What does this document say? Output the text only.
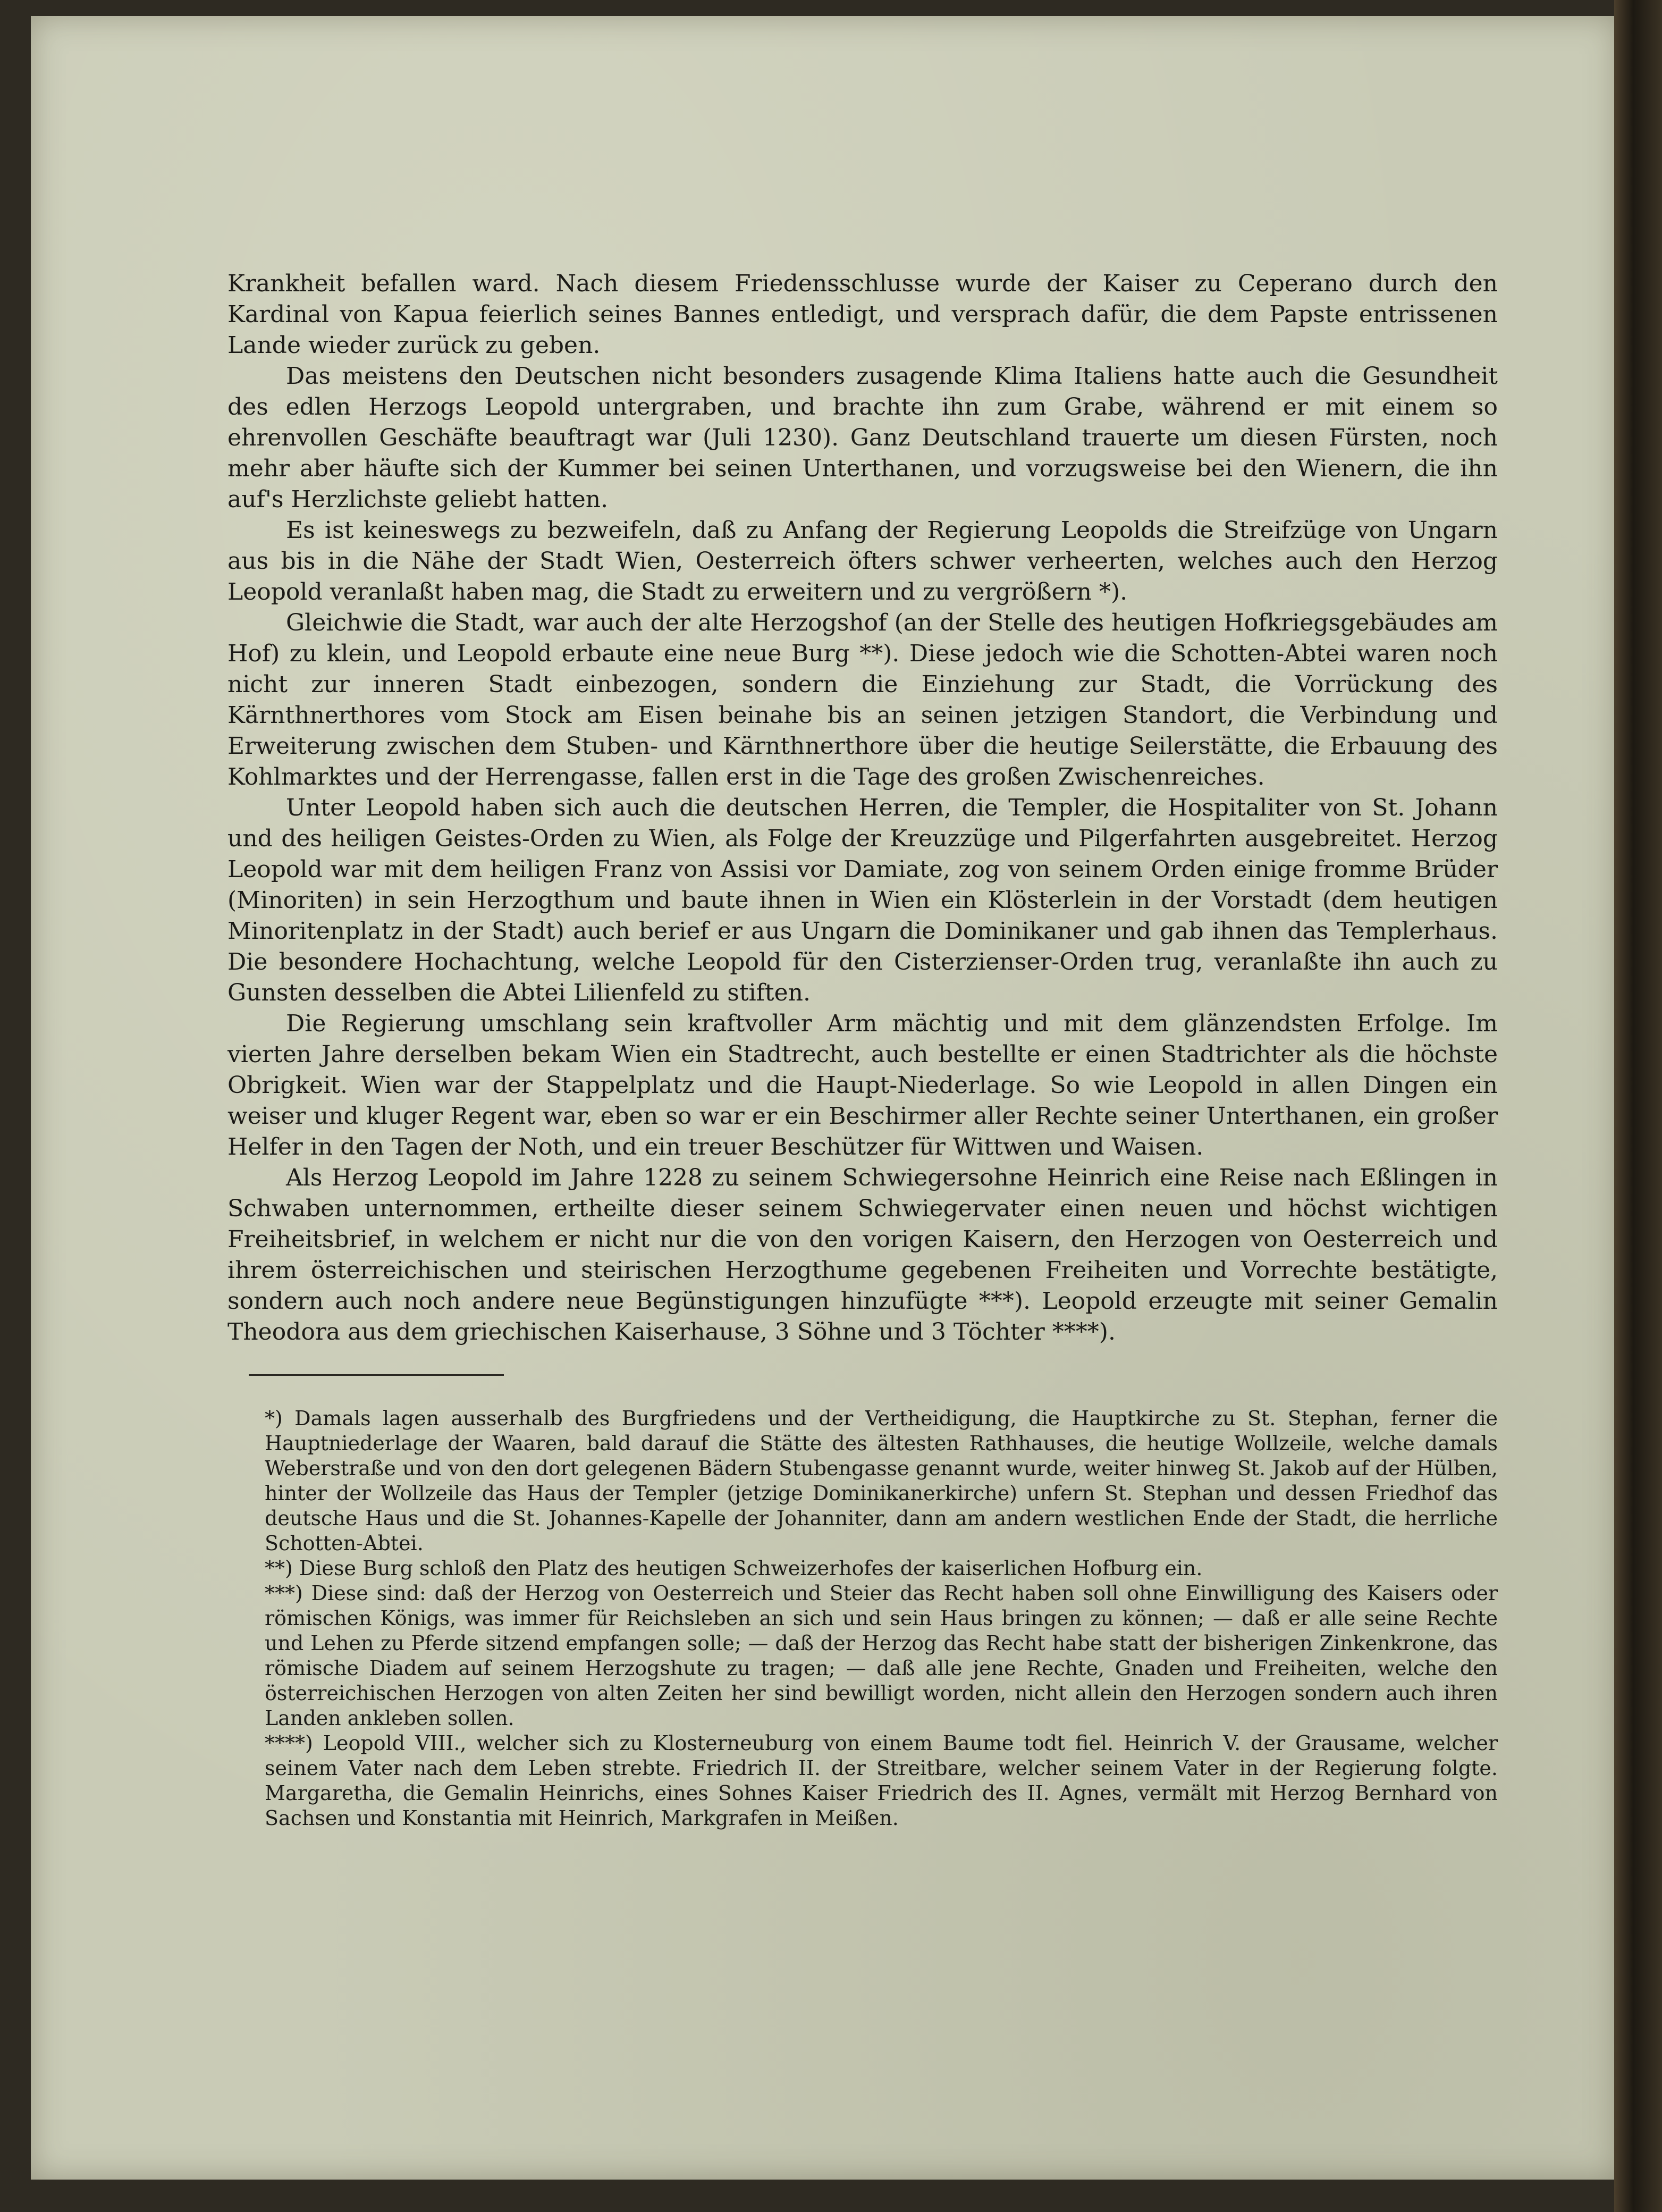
Krankheit befallen ward. Nach diesem Friedensschlusse wurde der Kaiser zu Ceperano durch den Kardinal von Kapua feierlich seines Bannes entledigt, und versprach dafür, die dem Papste entrissenen Lande wieder zurück zu geben.

Das meistens den Deutschen nicht besonders zusagende Klima Italiens hatte auch die Gesundheit des edlen Herzogs Leopold untergraben, und brachte ihn zum Grabe, während er mit einem so ehrenvollen Geschäfte beauftragt war (Juli 1230). Ganz Deutschland trauerte um diesen Fürsten, noch mehr aber häufte sich der Kummer bei seinen Unterthanen, und vorzugsweise bei den Wienern, die ihn auf's Herzlichste geliebt hatten.

Es ist keineswegs zu bezweifeln, daß zu Anfang der Regierung Leopolds die Streifzüge von Ungarn aus bis in die Nähe der Stadt Wien, Oesterreich öfters schwer verheerten, welches auch den Herzog Leopold veranlaßt haben mag, die Stadt zu erweitern und zu vergrößern *).

Gleichwie die Stadt, war auch der alte Herzogshof (an der Stelle des heutigen Hofkriegsgebäudes am Hof) zu klein, und Leopold erbaute eine neue Burg **). Diese jedoch wie die Schotten-Abtei waren noch nicht zur inneren Stadt einbezogen, sondern die Einziehung zur Stadt, die Vorrückung des Kärnthnerthores vom Stock am Eisen beinahe bis an seinen jetzigen Standort, die Verbindung und Erweiterung zwischen dem Stuben- und Kärnthnerthore über die heutige Seilerstätte, die Erbauung des Kohlmarktes und der Herrengasse, fallen erst in die Tage des großen Zwischenreiches.

Unter Leopold haben sich auch die deutschen Herren, die Templer, die Hospitaliter von St. Johann und des heiligen Geistes-Orden zu Wien, als Folge der Kreuzzüge und Pilgerfahrten ausgebreitet. Herzog Leopold war mit dem heiligen Franz von Assisi vor Damiate, zog von seinem Orden einige fromme Brüder (Minoriten) in sein Herzogthum und baute ihnen in Wien ein Klösterlein in der Vorstadt (dem heutigen Minoritenplatz in der Stadt) auch berief er aus Ungarn die Dominikaner und gab ihnen das Templerhaus. Die besondere Hochachtung, welche Leopold für den Cisterzienser-Orden trug, veranlaßte ihn auch zu Gunsten desselben die Abtei Lilienfeld zu stiften.

Die Regierung umschlang sein kraftvoller Arm mächtig und mit dem glänzendsten Erfolge. Im vierten Jahre derselben bekam Wien ein Stadtrecht, auch bestellte er einen Stadtrichter als die höchste Obrigkeit. Wien war der Stappelplatz und die Haupt-Niederlage. So wie Leopold in allen Dingen ein weiser und kluger Regent war, eben so war er ein Beschirmer aller Rechte seiner Unterthanen, ein großer Helfer in den Tagen der Noth, und ein treuer Beschützer für Wittwen und Waisen.

Als Herzog Leopold im Jahre 1228 zu seinem Schwiegersohne Heinrich eine Reise nach Eßlingen in Schwaben unternommen, ertheilte dieser seinem Schwiegervater einen neuen und höchst wichtigen Freiheitsbrief, in welchem er nicht nur die von den vorigen Kaisern, den Herzogen von Oesterreich und ihrem österreichischen und steirischen Herzogthume gegebenen Freiheiten und Vorrechte bestätigte, sondern auch noch andere neue Begünstigungen hinzufügte ***). Leopold erzeugte mit seiner Gemalin Theodora aus dem griechischen Kaiserhause, 3 Söhne und 3 Töchter ****).

*) Damals lagen ausserhalb des Burgfriedens und der Vertheidigung, die Hauptkirche zu St. Stephan, ferner die Hauptniederlage der Waaren, bald darauf die Stätte des ältesten Rathhauses, die heutige Wollzeile, welche damals Weberstraße und von den dort gelegenen Bädern Stubengasse genannt wurde, weiter hinweg St. Jakob auf der Hülben, hinter der Wollzeile das Haus der Templer (jetzige Dominikanerkirche) unfern St. Stephan und dessen Friedhof das deutsche Haus und die St. Johannes-Kapelle der Johanniter, dann am andern westlichen Ende der Stadt, die herrliche Schotten-Abtei.

**) Diese Burg schloß den Platz des heutigen Schweizerhofes der kaiserlichen Hofburg ein.

***) Diese sind: daß der Herzog von Oesterreich und Steier das Recht haben soll ohne Einwilligung des Kaisers oder römischen Königs, was immer für Reichsleben an sich und sein Haus bringen zu können; — daß er alle seine Rechte und Lehen zu Pferde sitzend empfangen solle; — daß der Herzog das Recht habe statt der bisherigen Zinkenkrone, das römische Diadem auf seinem Herzogshute zu tragen; — daß alle jene Rechte, Gnaden und Freiheiten, welche den österreichischen Herzogen von alten Zeiten her sind bewilligt worden, nicht allein den Herzogen sondern auch ihren Landen ankleben sollen.

****) Leopold VIII., welcher sich zu Klosterneuburg von einem Baume todt fiel. Heinrich V. der Grausame, welcher seinem Vater nach dem Leben strebte. Friedrich II. der Streitbare, welcher seinem Vater in der Regierung folgte. Margaretha, die Gemalin Heinrichs, eines Sohnes Kaiser Friedrich des II. Agnes, vermält mit Herzog Bernhard von Sachsen und Konstantia mit Heinrich, Markgrafen in Meißen.
